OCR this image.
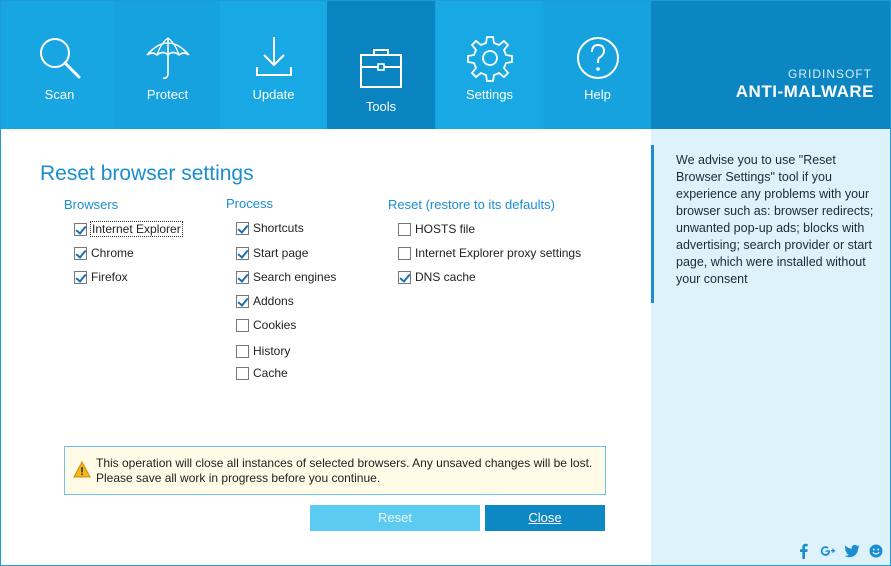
Scan	Protect	Update
Tools
Settings	Help
GRIDINSOFT
ANTI-MALWARE
Reset browser settings
Browsers
Internet Explorer
Chrome
Firefox
Process
Shortcuts
Start page
Search engines
Addons
Cookies
History
Cache
Reset (restore to its defaults)
HOSTS file
Internet Explorer proxy settings
DNS cache
This operation will close all instances of selected browsers. Any unsaved changes will be lost.
Please save all work in progress before you continue.
Reset	Close
We advise you to use "Reset Browser Settings" tool if you experience any problems with your browser such as: browser redirects; unwanted pop-up ads; blocks with advertising; search provider or start page, which were installed without your consent
